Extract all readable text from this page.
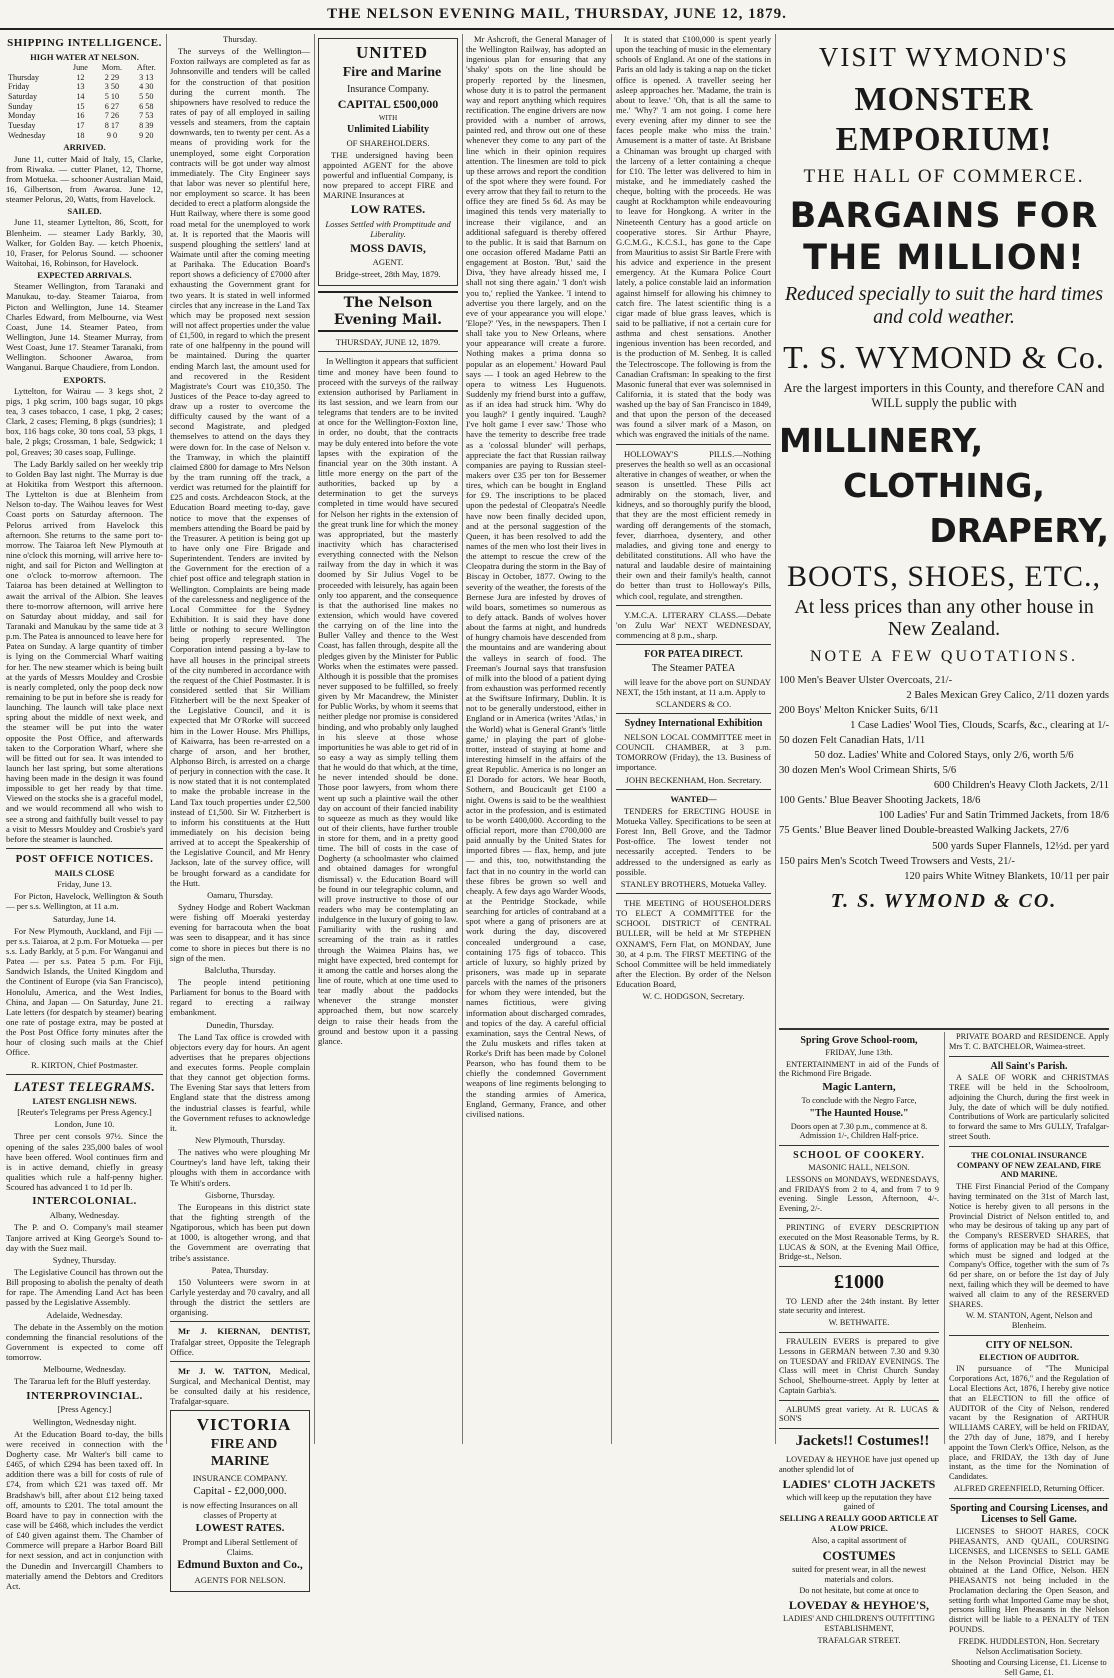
THE NELSON EVENING MAIL, THURSDAY, JUNE 12, 1879.
SHIPPING INTELLIGENCE.
HIGH WATER AT NELSON.
	June	Morn.	After.
Thursday	12	2 29	3 13
Friday	13	3 50	4 30
Saturday	14	5 10	5 50
Sunday	15	6 27	6 58
Monday	16	7 26	7 53
Tuesday	17	8 17	8 39
Wednesday	18	9 0	9 20
ARRIVED.

June 11, cutter Maid of Italy, 15, Clarke, from Riwaka. — cutter Planet, 12, Thorne, from Motueka. — schooner Australian Maid, 16, Gilbertson, from Awaroa. June 12, steamer Pelorus, 20, Watts, from Havelock.

SAILED.

June 11, steamer Lyttelton, 86, Scott, for Blenheim. — steamer Lady Barkly, 30, Walker, for Golden Bay. — ketch Phoenix, 10, Fraser, for Pelorus Sound. — schooner Waitohai, 16, Robinson, for Havelock.

EXPECTED ARRIVALS.

Steamer Wellington, from Taranaki and Manukau, to-day. Steamer Taiaroa, from Picton and Wellington, June 14. Steamer Charles Edward, from Melbourne, via West Coast, June 14. Steamer Pateo, from Wellington, June 14. Steamer Murray, from West Coast, June 17. Steamer Taranaki, from Wellington. Schooner Awaroa, from Wanganui. Barque Chaudiere, from London.

EXPORTS.

Lyttelton, for Wairau — 3 kegs shot, 2 pigs, 1 pkg scrim, 100 bags sugar, 10 pkgs tea, 3 cases tobacco, 1 case, 1 pkg, 2 cases; Clark, 2 cases; Fleming, 8 pkgs (sundries); 1 box, 116 bags coke, 30 tons coal, 53 pkgs, 1 bale, 2 pkgs; Crossman, 1 bale, Sedgwick; 1 pol, Greaves; 30 cases soap, Fullinge.

The Lady Barkly sailed on her weekly trip to Golden Bay last night. The Murray is due at Hokitika from Westport this afternoon. The Lyttelton is due at Blenheim from Nelson to-day. The Waihou leaves for West Coast ports on Saturday afternoon. The Pelorus arrived from Havelock this afternoon. She returns to the same port to-morrow. The Taiaroa left New Plymouth at nine o'clock this morning, will arrive here to-night, and sail for Picton and Wellington at one o'clock to-morrow afternoon. The Taiaroa has been detained at Wellington to await the arrival of the Albion. She leaves there to-morrow afternoon, will arrive here on Saturday about midday, and sail for Taranaki and Manukau by the same tide at 3 p.m. The Patea is announced to leave here for Patea on Sunday. A large quantity of timber is lying on the Commercial Wharf waiting for her. The new steamer which is being built at the yards of Messrs Mouldey and Crosbie is nearly completed, only the poop deck now remaining to be put in before she is ready for launching. The launch will take place next spring about the middle of next week, and the steamer will be put into the water opposite the Post Office, and afterwards taken to the Corporation Wharf, where she will be fitted out for sea. It was intended to launch her last spring, but some alterations having been made in the design it was found impossible to get her ready by that time. Viewed on the stocks she is a graceful model, and we would recommend all who wish to see a strong and faithfully built vessel to pay a visit to Messrs Mouldey and Crosbie's yard before the steamer is launched.

POST OFFICE NOTICES.
MAILS CLOSE

Friday, June 13.

For Picton, Havelock, Wellington & South — per s.s. Wellington, at 11 a.m.

Saturday, June 14.

For New Plymouth, Auckland, and Fiji — per s.s. Taiaroa, at 2 p.m. For Motueka — per s.s. Lady Barkly, at 5 p.m. For Wanganui and Patea — per s.s. Patea 5 p.m. For Fiji, Sandwich Islands, the United Kingdom and the Continent of Europe (via San Francisco), Honolulu, America, and the West Indies, China, and Japan — On Saturday, June 21. Late letters (for despatch by steamer) bearing one rate of postage extra, may be posted at the Post Post Office forty minutes after the hour of closing such mails at the Chief Office.

R. KIRTON, Chief Postmaster.

LATEST TELEGRAMS.
LATEST ENGLISH NEWS.

[Reuter's Telegrams per Press Agency.]

London, June 10.

Three per cent consols 97½. Since the opening of the sales 235,000 bales of wool have been offered. Wool continues firm and is in active demand, chiefly in greasy qualities which rule a half-penny higher. Scoured has advanced 1 to 1d per lb.

INTERCOLONIAL.

Albany, Wednesday.

The P. and O. Company's mail steamer Tanjore arrived at King George's Sound to-day with the Suez mail.

Sydney, Thursday.

The Legislative Council has thrown out the Bill proposing to abolish the penalty of death for rape. The Amending Land Act has been passed by the Legislative Assembly.

Adelaide, Wednesday.

The debate in the Assembly on the motion condemning the financial resolutions of the Government is expected to come off tomorrow.

Melbourne, Wednesday.

The Tararua left for the Bluff yesterday.

INTERPROVINCIAL.

[Press Agency.]

Wellington, Wednesday night.

At the Education Board to-day, the bills were received in connection with the Dogherty case. Mr Walter's bill came to £465, of which £294 has been taxed off. In addition there was a bill for costs of rule of £74, from which £21 was taxed off. Mr Bradshaw's bill, after about £12 being taxed off, amounts to £201. The total amount the Board have to pay in connection with the case will be £468, which includes the verdict of £40 given against them. The Chamber of Commerce will prepare a Harbor Board Bill for next session, and act in conjunction with the Dunedin and Invercargill Chambers to materially amend the Debtors and Creditors Act.

Thursday.

The surveys of the Wellington—Foxton railways are completed as far as Johnsonville and tenders will be called for the construction of that position during the current month. The shipowners have resolved to reduce the rates of pay of all employed in sailing vessels and steamers, from the captain downwards, ten to twenty per cent. As a means of providing work for the unemployed, some eight Corporation contracts will be got under way almost immediately. The City Engineer says that labor was never so plentiful here, nor employment so scarce. It has been decided to erect a platform alongside the Hutt Railway, where there is some good road metal for the unemployed to work at. It is reported that the Maoris will suspend ploughing the settlers' land at Waimate until after the coming meeting at Parihaka. The Education Board's report shows a deficiency of £7000 after exhausting the Government grant for two years. It is stated in well informed circles that any increase in the Land Tax which may be proposed next session will not affect properties under the value of £1,500, in regard to which the present rate of one halfpenny in the pound will be maintained. During the quarter ending March last, the amount used for and recovered in the Resident Magistrate's Court was £10,350. The Justices of the Peace to-day agreed to draw up a roster to overcome the difficulty caused by the want of a second Magistrate, and pledged themselves to attend on the days they were down for. In the case of Nelson v. the Tramway, in which the plaintiff claimed £800 for damage to Mrs Nelson by the tram running off the track, a verdict was returned for the plaintiff for £25 and costs. Archdeacon Stock, at the Education Board meeting to-day, gave notice to move that the expenses of members attending the Board be paid by the Treasurer. A petition is being got up to have only one Fire Brigade and Superintendent. Tenders are invited by the Government for the erection of a chief post office and telegraph station in Wellington. Complaints are being made of the carelessness and negligence of the Local Committee for the Sydney Exhibition. It is said they have done little or nothing to secure Wellington being properly represented. The Corporation intend passing a by-law to have all houses in the principal streets of the city numbered in accordance with the request of the Chief Postmaster. It is considered settled that Sir William Fitzherbert will be the next Speaker of the Legislative Council, and it is expected that Mr O'Rorke will succeed him in the Lower House. Mrs Phillips, of Kaiwarra, has been re-arrested on a charge of arson, and her brother, Alphonso Birch, is arrested on a charge of perjury in connection with the case. It is now stated that it is not contemplated to make the probable increase in the Land Tax touch properties under £2,500 instead of £1,500. Sir W. Fitzherbert is to inform his constituents at the Hutt immediately on his decision being arrived at to accept the Speakership of the Legislative Council, and Mr Henry Jackson, late of the survey office, will be brought forward as a candidate for the Hutt.

Oamaru, Thursday.

Sydney Hodge and Robert Wackman were fishing off Moeraki yesterday evening for barracouta when the boat was seen to disappear, and it has since come to shore in pieces but there is no sign of the men.

Balclutha, Thursday.

The people intend petitioning Parliament for bonus to the Board with regard to erecting a railway embankment.

Dunedin, Thursday.

The Land Tax office is crowded with objectors every day for hours. An agent advertises that he prepares objections and executes forms. People complain that they cannot get objection forms. The Evening Star says that letters from England state that the distress among the industrial classes is fearful, while the Government refuses to acknowledge it.

New Plymouth, Thursday.

The natives who were ploughing Mr Courtney's land have left, taking their ploughs with them in accordance with Te Whiti's orders.

Gisborne, Thursday.

The Europeans in this district state that the fighting strength of the Ngatiporous, which has been put down at 1000, is altogether wrong, and that the Government are overrating that tribe's assistance.

Patea, Thursday.

150 Volunteers were sworn in at Carlyle yesterday and 70 cavalry, and all through the district the settlers are organising.

Mr J. KIERNAN, DENTIST, Trafalgar street, Opposite the Telegraph Office.

Mr J. W. TATTON, Medical, Surgical, and Mechanical Dentist, may be consulted daily at his residence, Trafalgar-square.

VICTORIA

FIRE AND MARINE

INSURANCE COMPANY.

Capital - £2,000,000.

is now effecting Insurances on all classes of Property at

LOWEST RATES.

Prompt and Liberal Settlement of Claims.

Edmund Buxton and Co.,

AGENTS FOR NELSON.

UNITED

Fire and Marine

Insurance Company.

CAPITAL £500,000

WITH

Unlimited Liability

OF SHAREHOLDERS.

THE undersigned having been appointed AGENT for the above powerful and influential Company, is now prepared to accept FIRE and MARINE Insurances at

LOW RATES.

Losses Settled with Promptitude and Liberality.

MOSS DAVIS,

AGENT.

Bridge-street, 28th May, 1879.

The Nelson Evening Mail.

THURSDAY, JUNE 12, 1879.

In Wellington it appears that sufficient time and money have been found to proceed with the surveys of the railway extension authorised by Parliament in its last session, and we learn from our telegrams that tenders are to be invited at once for the Wellington-Foxton line, in order, no doubt, that the contracts may be duly entered into before the vote lapses with the expiration of the financial year on the 30th instant. A little more energy on the part of the authorities, backed up by a determination to get the surveys completed in time would have secured for Nelson her rights in the extension of the great trunk line for which the money was appropriated, but the masterly inactivity which has characterised everything connected with the Nelson railway from the day in which it was doomed by Sir Julius Vogel to be proceeded with leisurely, has again been only too apparent, and the consequence is that the authorised line makes no extension, which would have covered the carrying on of the line into the Buller Valley and thence to the West Coast, has fallen through, despite all the pledges given by the Minister for Public Works when the estimates were passed. Although it is possible that the promises never supposed to be fulfilled, so freely given by Mr Macandrew, the Minister for Public Works, by whom it seems that neither pledge nor promise is considered binding, and who probably only laughed in his sleeve at those whose importunities he was able to get rid of in so easy a way as simply telling them that he would do that which, at the time, he never intended should be done. Those poor lawyers, from whom there went up such a plaintive wail the other day on account of their fancied inability to squeeze as much as they would like out of their clients, have further trouble in store for them, and in a pretty good time. The bill of costs in the case of Dogherty (a schoolmaster who claimed and obtained damages for wrongful dismissal) v. the Education Board will be found in our telegraphic column, and will prove instructive to those of our readers who may be contemplating an indulgence in the luxury of going to law. Familiarity with the rushing and screaming of the train as it rattles through the Waimea Plains has, we might have expected, bred contempt for it among the cattle and horses along the line of route, which at one time used to tear madly about the paddocks whenever the strange monster approached them, but now scarcely deign to raise their heads from the ground and bestow upon it a passing glance.

Mr Ashcroft, the General Manager of the Wellington Railway, has adopted an ingenious plan for ensuring that any 'shaky' spots on the line should be properly reported by the linesmen, whose duty it is to patrol the permanent way and report anything which requires rectification. The engine drivers are now provided with a number of arrows, painted red, and throw out one of these whenever they come to any part of the line which in their opinion requires attention. The linesmen are told to pick up these arrows and report the condition of the spot where they were found. For every arrow that they fail to return to the office they are fined 5s 6d. As may be imagined this tends very materially to increase their vigilance, and an additional safeguard is thereby offered to the public. It is said that Barnum on one occasion offered Madame Patti an engagement at Boston. 'But,' said the Diva, 'they have already hissed me, I shall not sing there again.' 'I don't wish you to,' replied the Yankee. 'I intend to advertise you there largely, and on the eve of your appearance you will elope.' 'Elope?' 'Yes, in the newspapers. Then I shall take you to New Orleans, where your appearance will create a furore. Nothing makes a prima donna so popular as an elopement.' Howard Paul says — I took an aged Hebrew to the opera to witness Les Huguenots. Suddenly my friend burst into a guffaw, as if an idea had struck him. 'Why do you laugh?' I gently inquired. 'Laugh? I've holt game I ever saw.' Those who have the temerity to describe free trade as a 'colossal blunder' will perhaps, appreciate the fact that Russian railway companies are paying to Russian steel-makers over £35 per ton for Bessemer tires, which can be bought in England for £9. The inscriptions to be placed upon the pedestal of Cleopatra's Needle have now been finally decided upon, and at the personal suggestion of the Queen, it has been resolved to add the names of the men who lost their lives in the attempt to rescue the crew of the Cleopatra during the storm in the Bay of Biscay in October, 1877. Owing to the severity of the weather, the forests of the Bernese Jura are infested by droves of wild boars, sometimes so numerous as to defy attack. Bands of wolves hover about the farms at night, and hundreds of hungry chamois have descended from the mountains and are wandering about the valleys in search of food. The Freeman's Journal says that transfusion of milk into the blood of a patient dying from exhaustion was performed recently at the Swiftsure Infirmary, Dublin. It is not to be generally understood, either in England or in America (writes 'Atlas,' in the World) what is General Grant's 'little game,' in playing the part of globe-trotter, instead of staying at home and interesting himself in the affairs of the great Republic. America is no longer an El Dorado for actors. We hear Booth, Sothern, and Boucicault get £100 a night. Owens is said to be the wealthiest actor in the profession, and is estimated to be worth £400,000. According to the official report, more than £700,000 are paid annually by the United States for imported fibres — flax, hemp, and jute — and this, too, notwithstanding the fact that in no country in the world can these fibres be grown so well and cheaply. A few days ago Warder Woods, at the Pentridge Stockade, while searching for articles of contraband at a spot where a gang of prisoners are at work during the day, discovered concealed underground a case, containing 175 figs of tobacco. This article of luxury, so highly prized by prisoners, was made up in separate parcels with the names of the prisoners for whom they were intended, but the names fictitious, were giving information about discharged comrades, and topics of the day. A careful official examination, says the Central News, of the Zulu muskets and rifles taken at Rorke's Drift has been made by Colonel Pearson, who has found them to be chiefly the condemned Government weapons of line regiments belonging to the standing armies of America, England, Germany, France, and other civilised nations.

It is stated that £100,000 is spent yearly upon the teaching of music in the elementary schools of England. At one of the stations in Paris an old lady is taking a nap on the ticket office is opened. A traveller seeing her asleep approaches her. 'Madame, the train is about to leave.' 'Oh, that is all the same to me.' 'Why?' 'I am not going. I come here every evening after my dinner to see the faces people make who miss the train.' Amusement is a matter of taste. At Brisbane a Chinaman was brought up charged with the larceny of a letter containing a cheque for £10. The letter was delivered to him in mistake, and he immediately cashed the cheque, bolting with the proceeds. He was caught at Rockhampton while endeavouring to leave for Hongkong. A writer in the Nineteenth Century has a good article on cooperative stores. Sir Arthur Phayre, G.C.M.G., K.C.S.I., has gone to the Cape from Mauritius to assist Sir Bartle Frere with his advice and experience in the present emergency. At the Kumara Police Court lately, a police constable laid an information against himself for allowing his chimney to catch fire. The latest scientific thing is a cigar made of blue grass leaves, which is said to be palliative, if not a certain cure for asthma and chest sensations. Another ingenious invention has been recorded, and is the production of M. Senbeg. It is called the Telectroscope. The following is from the Canadian Craftsman: In speaking to the first Masonic funeral that ever was solemnised in California, it is stated that the body was washed up the bay of San Francisco in 1849, and that upon the person of the deceased was found a silver mark of a Mason, on which was engraved the initials of the name.

HOLLOWAY'S PILLS.—Nothing preserves the health so well as an occasional alterative in changes of weather, or when the season is unsettled. These Pills act admirably on the stomach, liver, and kidneys, and so thoroughly purify the blood, that they are the most efficient remedy in warding off derangements of the stomach, fever, diarrhoea, dysentery, and other maladies, and giving tone and energy to debilitated constitutions. All who have the natural and laudable desire of maintaining their own and their family's health, cannot do better than trust to Holloway's Pills, which cool, regulate, and strengthen.

Y.M.C.A. LITERARY CLASS.—Debate 'on Zulu War' NEXT WEDNESDAY, commencing at 8 p.m., sharp.

FOR PATEA DIRECT.

The Steamer PATEA

will leave for the above port on SUNDAY NEXT, the 15th instant, at 11 a.m. Apply to

SCLANDERS & CO.

Sydney International Exhibition

NELSON LOCAL COMMITTEE meet in COUNCIL CHAMBER, at 3 p.m. TOMORROW (Friday), the 13. Business of importance.

JOHN BECKENHAM, Hon. Secretary.

WANTED—

TENDERS for ERECTING HOUSE in Motueka Valley. Specifications to be seen at Forest Inn, Bell Grove, and the Tadmor Post-office. The lowest tender not necessarily accepted. Tenders to be addressed to the undersigned as early as possible.

STANLEY BROTHERS, Motueka Valley.

THE MEETING of HOUSEHOLDERS TO ELECT A COMMITTEE for the SCHOOL DISTRICT of CENTRAL BULLER, will be held at Mr STEPHEN OXNAM'S, Fern Flat, on MONDAY, June 30, at 4 p.m. The FIRST MEETING of the School Committee will be held immediately after the Election. By order of the Nelson Education Board,

W. C. HODGSON, Secretary.

VISIT WYMOND'S
MONSTER EMPORIUM!
THE HALL OF COMMERCE.
BARGAINS FOR THE MILLION!
Reduced specially to suit the hard times and cold weather.
T. S. WYMOND & Co.
Are the largest importers in this County, and therefore CAN and WILL supply the public with
MILLINERY,
CLOTHING,
DRAPERY,
BOOTS, SHOES, ETC.,
At less prices than any other house in New Zealand.
NOTE A FEW QUOTATIONS.
100 Men's Beaver Ulster Overcoats, 21/-
2 Bales Mexican Grey Calico, 2/11 dozen yards
200 Boys' Melton Knicker Suits, 6/11
1 Case Ladies' Wool Ties, Clouds, Scarfs, &c., clearing at 1/-
50 dozen Felt Canadian Hats, 1/11
50 doz. Ladies' White and Colored Stays, only 2/6, worth 5/6
30 dozen Men's Wool Crimean Shirts, 5/6
600 Children's Heavy Cloth Jackets, 2/11
100 Gents.' Blue Beaver Shooting Jackets, 18/6
100 Ladies' Fur and Satin Trimmed Jackets, from 18/6
75 Gents.' Blue Beaver lined Double-breasted Walking Jackets, 27/6
500 yards Super Flannels, 12½d. per yard
150 pairs Men's Scotch Tweed Trowsers and Vests, 21/-
120 pairs White Witney Blankets, 10/11 per pair
T. S. WYMOND & CO.
Spring Grove School-room,

FRIDAY, June 13th.

ENTERTAINMENT in aid of the Funds of the Richmond Fire Brigade.

Magic Lantern,

To conclude with the Negro Farce,

"The Haunted House."

Doors open at 7.30 p.m., commence at 8. Admission 1/-, Children Half-price.

SCHOOL OF COOKERY.

MASONIC HALL, NELSON.

LESSONS on MONDAYS, WEDNESDAYS, and FRIDAYS from 2 to 4, and from 7 to 9 evening. Single Lesson, Afternoon, 4/-. Evening, 2/-.

PRINTING of EVERY DESCRIPTION executed on the Most Reasonable Terms, by R. LUCAS & SON, at the Evening Mail Office, Bridge-st., Nelson.

£1000

TO LEND after the 24th instant. By letter state security and interest.

W. BETHWAITE.

FRAULEIN EVERS is prepared to give Lessons in GERMAN between 7.30 and 9.30 on TUESDAY and FRIDAY EVENINGS. The Class will meet in Christ Church Sunday School, Shelbourne-street. Apply by letter at Captain Garbia's.

ALBUMS great variety. At R. LUCAS & SON'S

Jackets!! Costumes!!

LOVEDAY & HEYHOE have just opened up another splendid lot of

LADIES' CLOTH JACKETS

which will keep up the reputation they have gained of

SELLING A REALLY GOOD ARTICLE AT A LOW PRICE.

Also, a capital assortment of

COSTUMES

suited for present wear, in all the newest materials and colors.

Do not hesitate, but come at once to

LOVEDAY & HEYHOE'S,

LADIES' AND CHILDREN'S OUTFITTING ESTABLISHMENT,

TRAFALGAR STREET.

PRIVATE BOARD and RESIDENCE. Apply Mrs T. C. BATCHELOR, Waimea-street.

All Saint's Parish.

A SALE OF WORK and CHRISTMAS TREE will be held in the Schoolroom, adjoining the Church, during the first week in July, the date of which will be duly notified. Contributions of Work are particularly solicited to forward the same to Mrs GULLY, Trafalgar-street South.

THE COLONIAL INSURANCE COMPANY OF NEW ZEALAND, FIRE AND MARINE.

THE First Financial Period of the Company having terminated on the 31st of March last, Notice is hereby given to all persons in the Provincial District of Nelson entitled to, and who may be desirous of taking up any part of the Company's RESERVED SHARES, that forms of application may be had at this Office, which must be signed and lodged at the Company's Office, together with the sum of 7s 6d per share, on or before the 1st day of July next, failing which they will be deemed to have waived all claim to any of the RESERVED SHARES.

W. M. STANTON, Agent, Nelson and Blenheim.

CITY OF NELSON.

ELECTION OF AUDITOR.

IN pursuance of "The Municipal Corporations Act, 1876," and the Regulation of Local Elections Act, 1876, I hereby give notice that an ELECTION to fill the office of AUDITOR of the City of Nelson, rendered vacant by the Resignation of ARTHUR WILLIAMS CAREY, will be held on FRIDAY, the 27th day of June, 1879, and I hereby appoint the Town Clerk's Office, Nelson, as the place, and FRIDAY, the 13th day of June instant, as the time for the Nomination of Candidates.

ALFRED GREENFIELD, Returning Officer.

Sporting and Coursing Licenses, and Licenses to Sell Game.

LICENSES to SHOOT HARES, COCK PHEASANTS, AND QUAIL, COURSING LICENSES, and LICENSES to SELL GAME in the Nelson Provincial District may be obtained at the Land Office, Nelson. HEN PHEASANTS not being included in the Proclamation declaring the Open Season, and setting forth what Imported Game may be shot, persons killing Hen Pheasants in the Nelson district will be liable to a PENALTY of TEN POUNDS.

FREDK. HUDDLESTON, Hon. Secretary Nelson Acclimatisation Society.

Shooting and Coursing License, £1. License to Sell Game, £1.
